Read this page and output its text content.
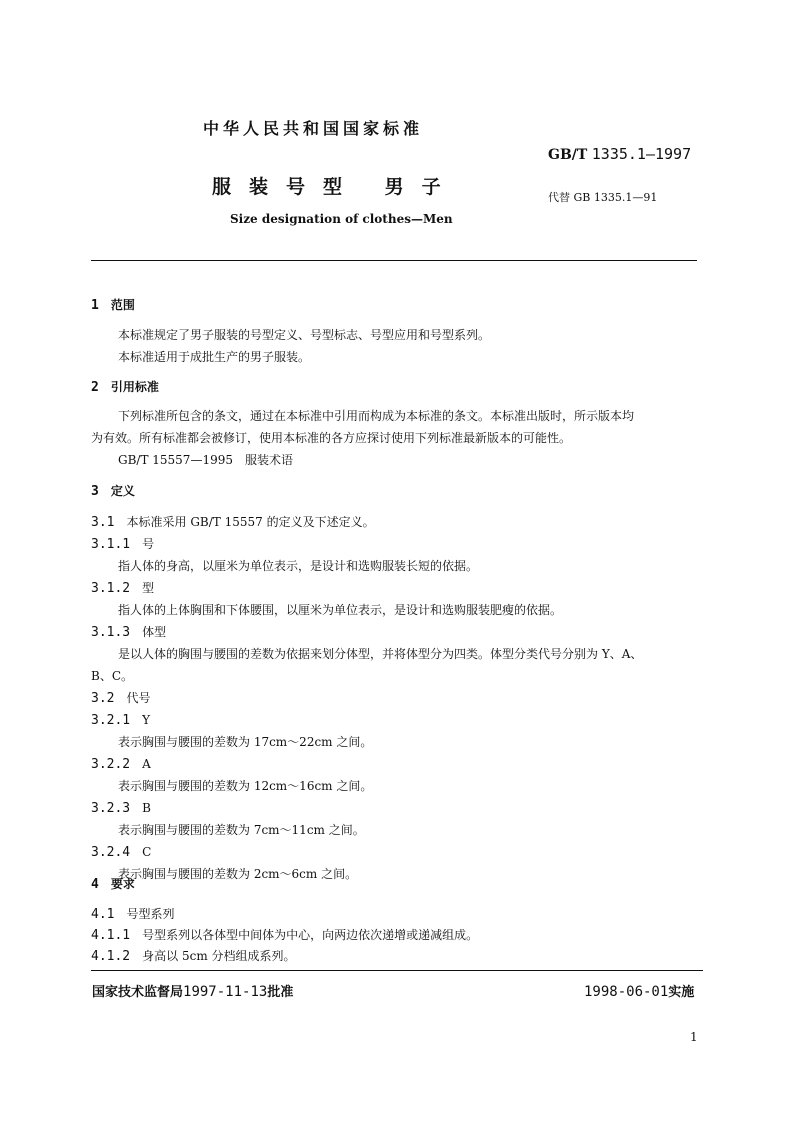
中华人民共和国国家标准
GB/T 1335.1—1997
服装号型 男子	代替 GB 1335.1—91
Size designation of clothes—Men
1　 范围
本标准规定了男子服装的号型定义、号型标志、号型应用和号型系列。
本标准适用于成批生产的男子服装。
2　 引用标准
下列标准所包含的条文，通过在本标准中引用而构成为本标准的条文。本标准出版时，所示版本均
为有效。所有标准都会被修订，使用本标准的各方应探讨使用下列标准最新版本的可能性。
GB/T 15557—1995　服装术语
3　 定义
3.1　 本标准采用 GB/T 15557 的定义及下述定义。
3.1.1　 号
指人体的身高，以厘米为单位表示，是设计和选购服装长短的依据。
3.1.2　 型
指人体的上体胸围和下体腰围，以厘米为单位表示，是设计和选购服装肥瘦的依据。
3.1.3　 体型
是以人体的胸围与腰围的差数为依据来划分体型，并将体型分为四类。体型分类代号分别为 Y、A、
B、C。
3.2　 代号
3.2.1　 Y
表示胸围与腰围的差数为 17cm～22cm 之间。
3.2.2　 A
表示胸围与腰围的差数为 12cm～16cm 之间。
3.2.3　 B
表示胸围与腰围的差数为 7cm～11cm 之间。
3.2.4　 C
表示胸围与腰围的差数为 2cm～6cm 之间。
4　 要求
4.1　 号型系列
4.1.1　 号型系列以各体型中间体为中心，向两边依次递增或递减组成。
4.1.2　 身高以 5cm 分档组成系列。
国家技术监督局1997-11-13批准	1998-06-01实施
1
